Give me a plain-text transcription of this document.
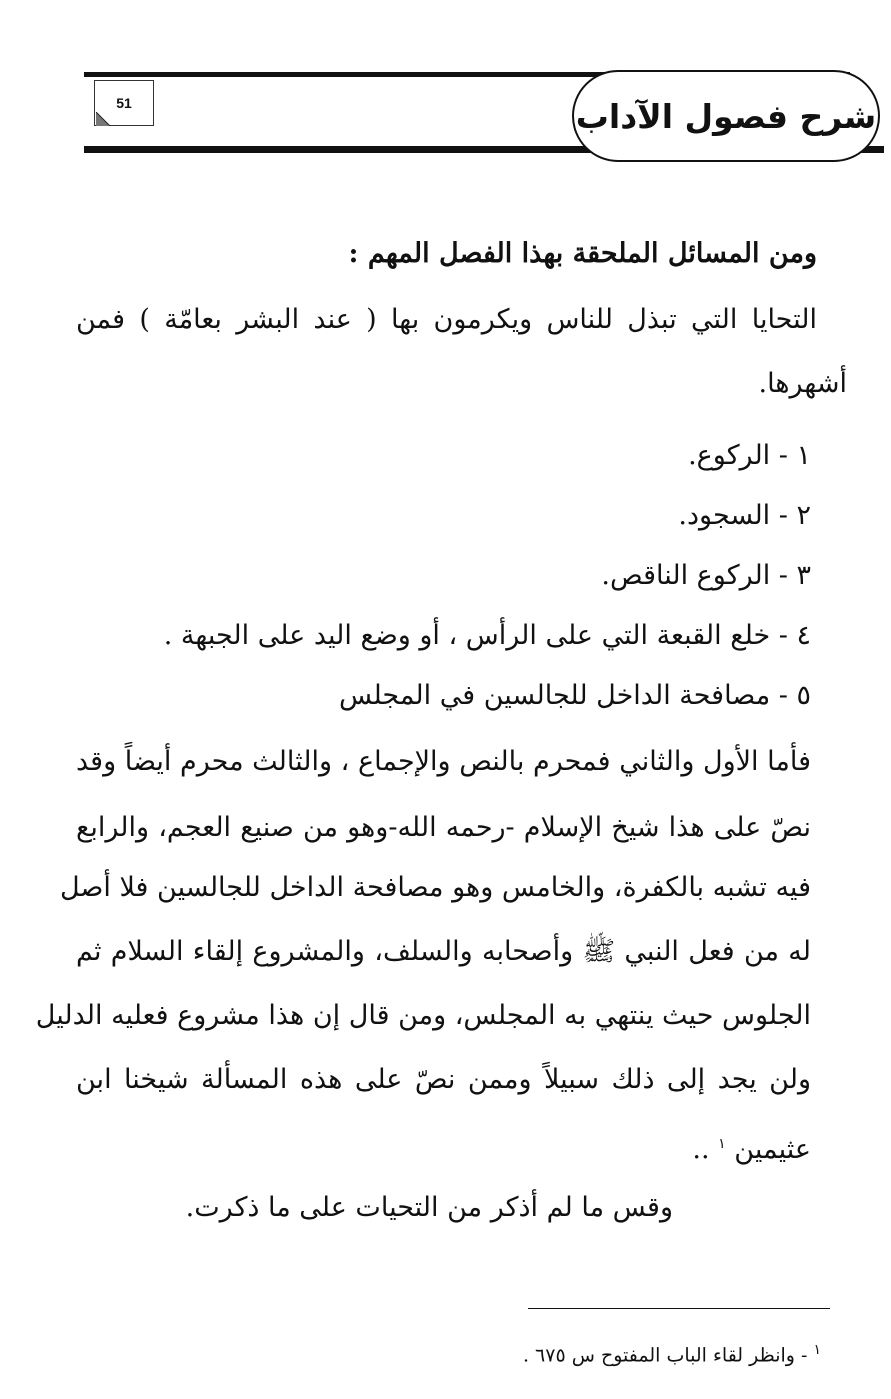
شرح فصول الآداب
51
ومن المسائل الملحقة بهذا الفصل المهم :
التحايا التي تبذل للناس ويكرمون بها ( عند البشر بعامّة ) فمن
أشهرها.
١ - الركوع.
٢ - السجود.
٣ - الركوع الناقص.
٤ - خلع القبعة التي على الرأس ، أو وضع اليد على الجبهة .
٥ - مصافحة الداخل للجالسين في المجلس
فأما الأول والثاني فمحرم بالنص والإجماع ، والثالث محرم أيضاً وقد
نصّ على هذا شيخ الإسلام -رحمه الله-وهو من صنيع العجم، والرابع
فيه تشبه بالكفرة، والخامس وهو مصافحة الداخل للجالسين فلا أصل
له من فعل النبي ﷺ وأصحابه والسلف، والمشروع إلقاء السلام ثم
الجلوس حيث ينتهي به المجلس، ومن قال إن هذا مشروع فعليه الدليل
ولن يجد إلى ذلك سبيلاً وممن نصّ على هذه المسألة شيخنا ابن
عثيمين $^١$ ..
وقس ما لم أذكر من التحيات على ما ذكرت.
$^١$ - وانظر لقاء الباب المفتوح س ٦٧٥ .
